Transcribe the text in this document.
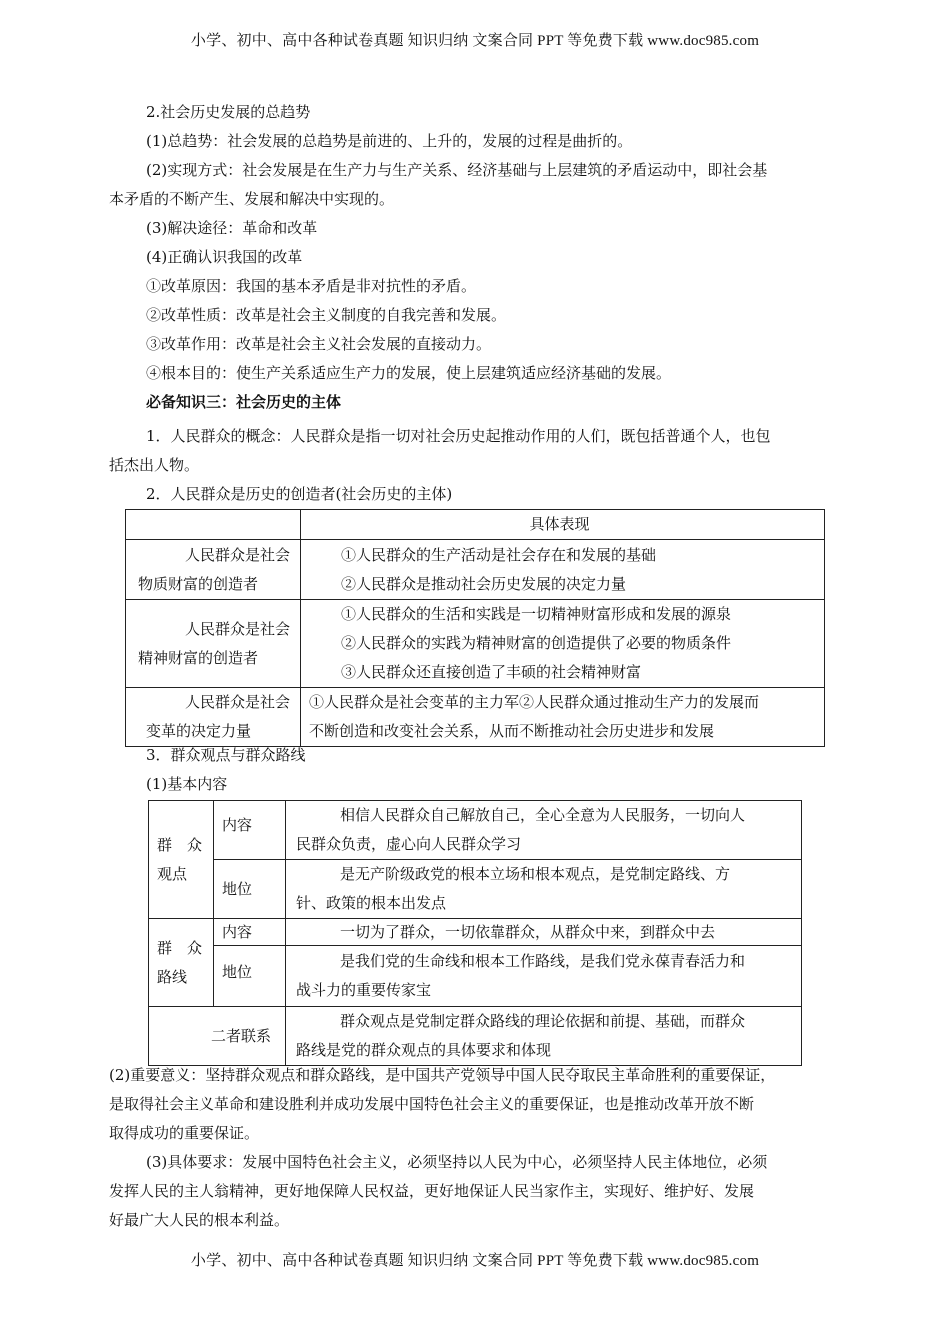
小学、初中、高中各种试卷真题 知识归纳 文案合同 PPT 等免费下载 www.doc985.com
2.社会历史发展的总趋势
(1)总趋势：社会发展的总趋势是前进的、上升的，发展的过程是曲折的。
(2)实现方式：社会发展是在生产力与生产关系、经济基础与上层建筑的矛盾运动中，即社会基
本矛盾的不断产生、发展和解决中实现的。
(3)解决途径：革命和改革
(4)正确认识我国的改革
①改革原因：我国的基本矛盾是非对抗性的矛盾。
②改革性质：改革是社会主义制度的自我完善和发展。
③改革作用：改革是社会主义社会发展的直接动力。
④根本目的：使生产关系适应生产力的发展，使上层建筑适应经济基础的发展。
必备知识三：社会历史的主体
1．人民群众的概念：人民群众是指一切对社会历史起推动作用的人们，既包括普通个人，也包
括杰出人物。
2．人民群众是历史的创造者(社会历史的主体)
	具体表现

人民群众是社会
物质财富的创造者	①人民群众的生产活动是社会存在和发展的基础
②人民群众是推动社会历史发展的决定力量

人民群众是社会
精神财富的创造者	①人民群众的生活和实践是一切精神财富形成和发展的源泉
②人民群众的实践为精神财富的创造提供了必要的物质条件
③人民群众还直接创造了丰硕的社会精神财富

人民群众是社会
变革的决定力量	①人民群众是社会变革的主力军②人民群众通过推动生产力的发展而
不断创造和改变社会关系，从而不断推动社会历史进步和发展
3．群众观点与群众路线
(1)基本内容
群　众
观点	内容	相信人民群众自己解放自己，全心全意为人民服务，一切向人
民群众负责，虚心向人民群众学习

	地位	是无产阶级政党的根本立场和根本观点，是党制定路线、方
针、政策的根本出发点

群　众
路线	内容	一切为了群众，一切依靠群众，从群众中来，到群众中去

	地位	是我们党的生命线和根本工作路线，是我们党永葆青春活力和
战斗力的重要传家宝

二者联系		群众观点是党制定群众路线的理论依据和前提、基础，而群众
路线是党的群众观点的具体要求和体现
(2)重要意义：坚持群众观点和群众路线，是中国共产党领导中国人民夺取民主革命胜利的重要保证，
是取得社会主义革命和建设胜利并成功发展中国特色社会主义的重要保证，也是推动改革开放不断
取得成功的重要保证。
(3)具体要求：发展中国特色社会主义，必须坚持以人民为中心，必须坚持人民主体地位，必须
发挥人民的主人翁精神，更好地保障人民权益，更好地保证人民当家作主，实现好、维护好、发展
好最广大人民的根本利益。
小学、初中、高中各种试卷真题 知识归纳 文案合同 PPT 等免费下载 www.doc985.com
